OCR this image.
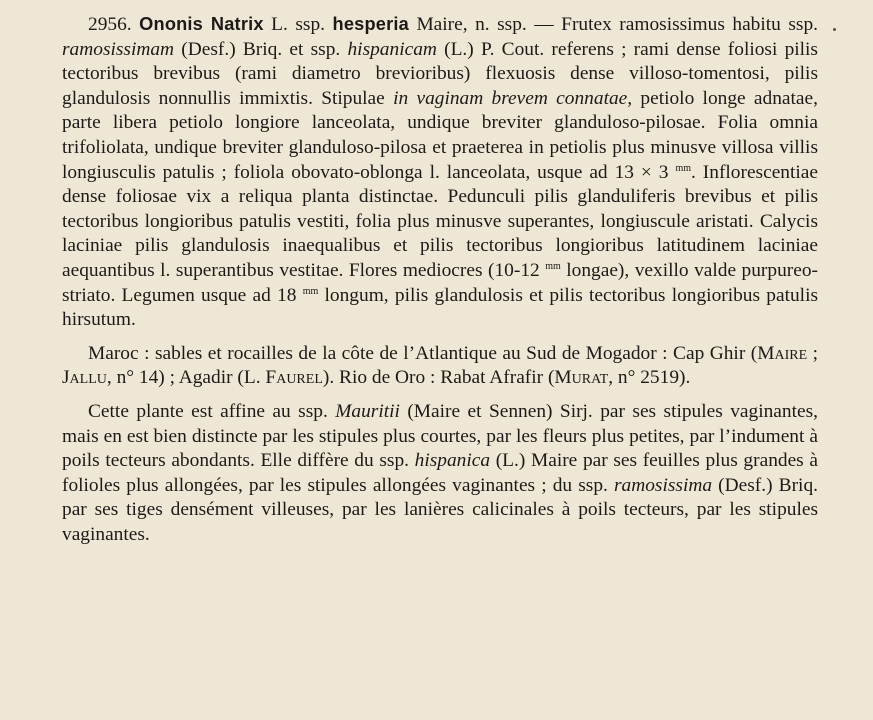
2956. Ononis Natrix L. ssp. hesperia Maire, n. ssp. — Frutex ramosissimus habitu ssp. ramosissimam (Desf.) Briq. et ssp. hispanicam (L.) P. Cout. referens ; rami dense foliosi pilis tectoribus brevibus (rami diametro brevioribus) flexuosis dense villoso-tomentosi, pilis glandulosis nonnullis immixtis. Stipulae in vaginam brevem connatae, petiolo longe adnatae, parte libera petiolo longiore lanceolata, undique breviter glanduloso-pilosae. Folia omnia trifoliolata, undique breviter glanduloso-pilosa et praeterea in petiolis plus minusve villosa villis longiusculis patulis ; foliola obovato-oblonga l. lanceolata, usque ad 13 × 3 $^{mm}$. Inflorescentiae dense foliosae vix a reliqua planta distinctae. Pedunculi pilis glanduliferis brevibus et pilis tectoribus longioribus patulis vestiti, folia plus minusve superantes, longiuscule aristati. Calycis laciniae pilis glandulosis inaequalibus et pilis tectoribus longioribus latitudinem laciniae aequantibus l. superantibus vestitae. Flores mediocres (10-12 $^{mm}$ longae), vexillo valde purpureo-striato. Legumen usque ad 18 $^{mm}$ longum, pilis glandulosis et pilis tectoribus longioribus patulis hirsutum.

Maroc : sables et rocailles de la côte de l’Atlantique au Sud de Mogador : Cap Ghir (Maire ; Jallu, n° 14) ; Agadir (L. Faurel). Rio de Oro : Rabat Afrafir (Murat, n° 2519).

Cette plante est affine au ssp. Mauritii (Maire et Sennen) Sirj. par ses stipules vaginantes, mais en est bien distincte par les stipules plus courtes, par les fleurs plus petites, par l’indument à poils tecteurs abondants. Elle diffère du ssp. hispanica (L.) Maire par ses feuilles plus grandes à folioles plus allongées, par les stipules allongées vaginantes ; du ssp. ramosissima (Desf.) Briq. par ses tiges densément villeuses, par les lanières calicinales à poils tecteurs, par les stipules vaginantes.
